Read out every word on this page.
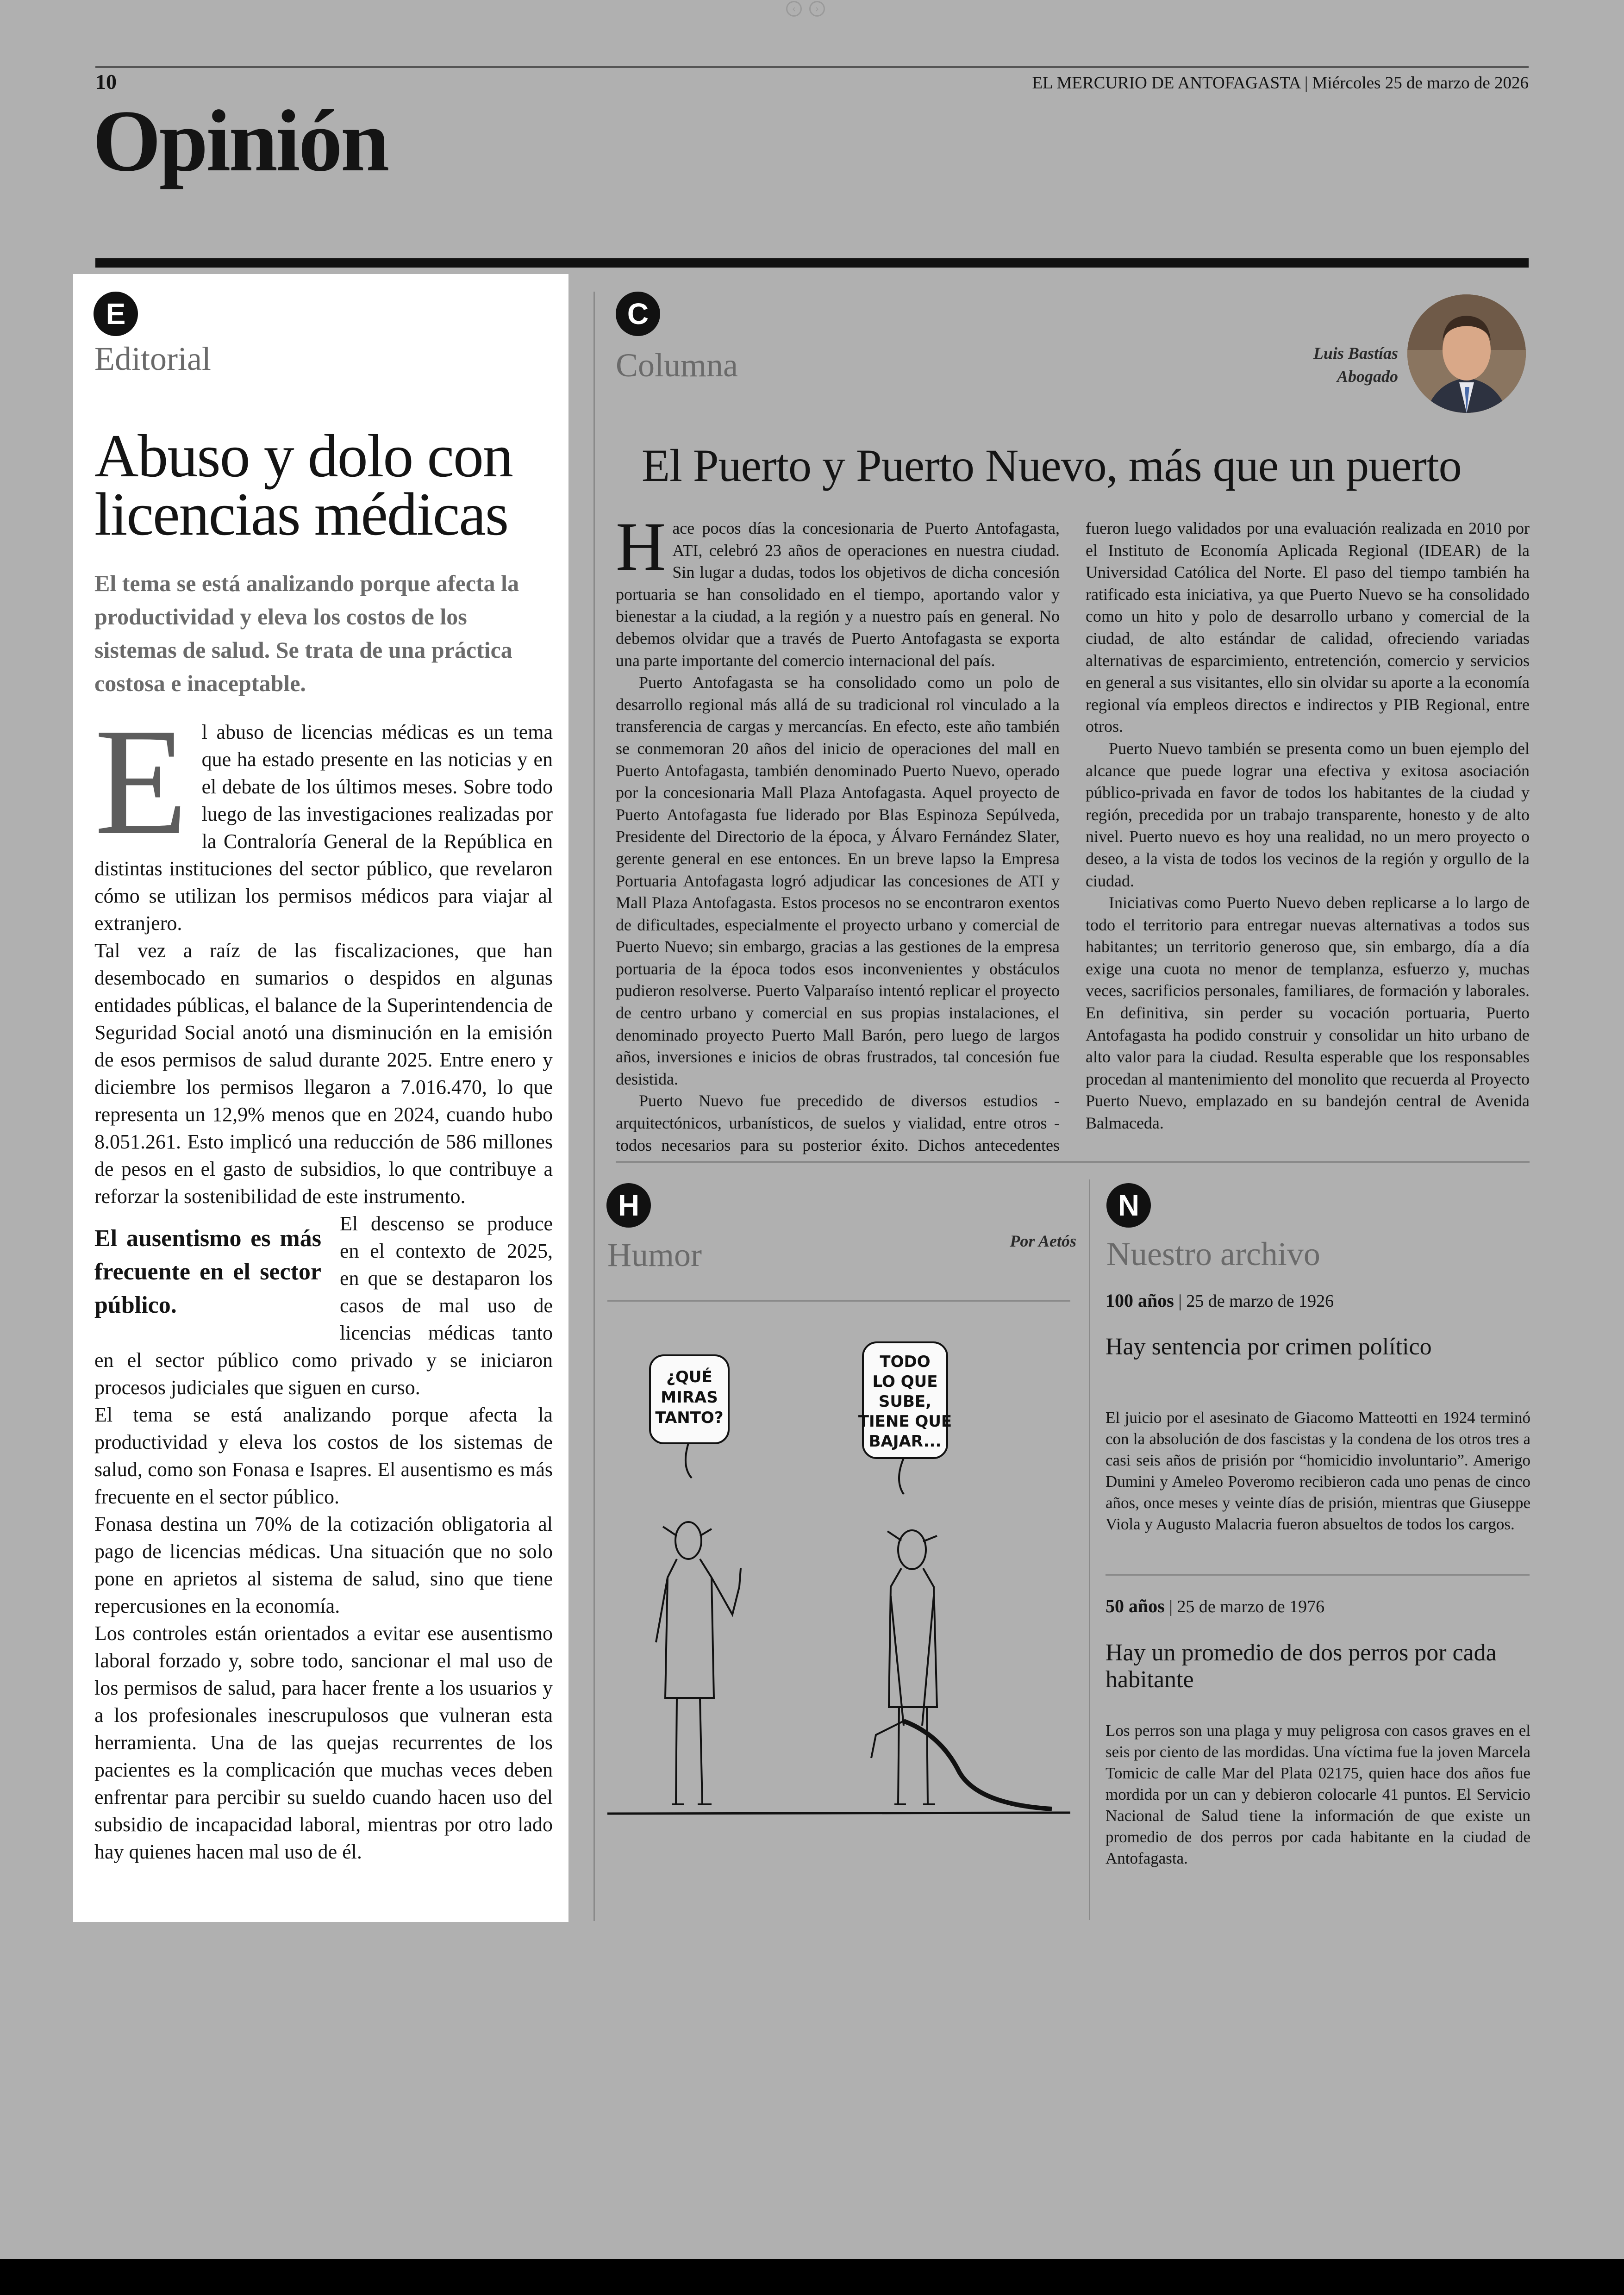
‹ ›
10	EL MERCURIO DE ANTOFAGASTA | Miércoles 25 de marzo de 2026
Opinión
E
Editorial
Abuso y dolo con licencias médicas
El tema se está analizando porque afecta la productividad y eleva los costos de los sistemas de salud. Se trata de una práctica costosa e inaceptable.

El abuso de licencias médicas es un tema que ha estado presente en las noticias y en el debate de los últimos meses. Sobre todo luego de las investigaciones realizadas por la Contraloría General de la República en distintas instituciones del sector público, que revelaron cómo se utilizan los permisos médicos para viajar al extranjero.

Tal vez a raíz de las fiscalizaciones, que han desembocado en sumarios o despidos en algunas entidades públicas, el balance de la Superintendencia de Seguridad Social anotó una disminución en la emisión de esos permisos de salud durante 2025. Entre enero y diciembre los permisos llegaron a 7.016.470, lo que representa un 12,9% menos que en 2024, cuando hubo 8.051.261. Esto implicó una reducción de 586 millones de pesos en el gasto de subsidios, lo que contribuye a reforzar la sostenibilidad de este instrumento.

El ausentismo es más frecuente en el sector público.

El descenso se produce en el contexto de 2025, en que se destaparon los casos de mal uso de licencias médicas tanto en el sector público como privado y se iniciaron procesos judiciales que siguen en curso.

El tema se está analizando porque afecta la productividad y eleva los costos de los sistemas de salud, como son Fonasa e Isapres. El ausentismo es más frecuente en el sector público.

Fonasa destina un 70% de la cotización obligatoria al pago de licencias médicas. Una situación que no solo pone en aprietos al sistema de salud, sino que tiene repercusiones en la economía.

Los controles están orientados a evitar ese ausentismo laboral forzado y, sobre todo, sancionar el mal uso de los permisos de salud, para hacer frente a los usuarios y a los profesionales inescrupulosos que vulneran esta herramienta. Una de las quejas recurrentes de los pacientes es la complicación que muchas veces deben enfrentar para percibir su sueldo cuando hacen uso del subsidio de incapacidad laboral, mientras por otro lado hay quienes hacen mal uso de él.

C
Columna	Luis Bastías
Abogado
El Puerto y Puerto Nuevo, más que un puerto

Hace pocos días la concesionaria de Puerto Antofagasta, ATI, celebró 23 años de operaciones en nuestra ciudad. Sin lugar a dudas, todos los objetivos de dicha concesión portuaria se han consolidado en el tiempo, aportando valor y bienestar a la ciudad, a la región y a nuestro país en general. No debemos olvidar que a través de Puerto Antofagasta se exporta una parte importante del comercio internacional del país.

Puerto Antofagasta se ha consolidado como un polo de desarrollo regional más allá de su tradicional rol vinculado a la transferencia de cargas y mercancías. En efecto, este año también se conmemoran 20 años del inicio de operaciones del mall en Puerto Antofagasta, también denominado Puerto Nuevo, operado por la concesionaria Mall Plaza Antofagasta. Aquel proyecto de Puerto Antofagasta fue liderado por Blas Espinoza Sepúlveda, Presidente del Directorio de la época, y Álvaro Fernández Slater, gerente general en ese entonces. En un breve lapso la Empresa Portuaria Antofagasta logró adjudicar las concesiones de ATI y Mall Plaza Antofagasta. Estos procesos no se encontraron exentos de dificultades, especialmente el proyecto urbano y comercial de Puerto Nuevo; sin embargo, gracias a las gestiones de la empresa portuaria de la época todos esos inconvenientes y obstáculos pudieron resolverse. Puerto Valparaíso intentó replicar el proyecto de centro urbano y comercial en sus propias instalaciones, el denominado proyecto Puerto Mall Barón, pero luego de largos años, inversiones e inicios de obras frustrados, tal concesión fue desistida.

Puerto Nuevo fue precedido de diversos estudios - arquitectónicos, urbanísticos, de suelos y vialidad, entre otros - todos necesarios para su posterior éxito. Dichos antecedentes fueron luego validados por una evaluación realizada en 2010 por el Instituto de Economía Aplicada Regional (IDEAR) de la Universidad Católica del Norte. El paso del tiempo también ha ratificado esta iniciativa, ya que Puerto Nuevo se ha consolidado como un hito y polo de desarrollo urbano y comercial de la ciudad, de alto estándar de calidad, ofreciendo variadas alternativas de esparcimiento, entretención, comercio y servicios en general a sus visitantes, ello sin olvidar su aporte a la economía regional vía empleos directos e indirectos y PIB Regional, entre otros.

Puerto Nuevo también se presenta como un buen ejemplo del alcance que puede lograr una efectiva y exitosa asociación público-privada en favor de todos los habitantes de la ciudad y región, precedida por un trabajo transparente, honesto y de alto nivel. Puerto nuevo es hoy una realidad, no un mero proyecto o deseo, a la vista de todos los vecinos de la región y orgullo de la ciudad.

Iniciativas como Puerto Nuevo deben replicarse a lo largo de todo el territorio para entregar nuevas alternativas a todos sus habitantes; un territorio generoso que, sin embargo, día a día exige una cuota no menor de templanza, esfuerzo y, muchas veces, sacrificios personales, familiares, de formación y laborales. En definitiva, sin perder su vocación portuaria, Puerto Antofagasta ha podido construir y consolidar un hito urbano de alto valor para la ciudad. Resulta esperable que los responsables procedan al mantenimiento del monolito que recuerda al Proyecto Puerto Nuevo, emplazado en su bandejón central de Avenida Balmaceda.

H
Humor	Por Aetós
¿QUÉ
MIRAS
TANTO?
TODO
LO QUE
SUBE,
TIENE QUE
BAJAR...
N
Nuestro archivo
100 años | 25 de marzo de 1926
Hay sentencia por crimen político
El juicio por el asesinato de Giacomo Matteotti en 1924 terminó con la absolución de dos fascistas y la condena de los otros tres a casi seis años de prisión por “homicidio involuntario”. Amerigo Dumini y Ameleo Poveromo recibieron cada uno penas de cinco años, once meses y veinte días de prisión, mientras que Giuseppe Viola y Augusto Malacria fueron absueltos de todos los cargos.
50 años | 25 de marzo de 1976
Hay un promedio de dos perros por cada habitante
Los perros son una plaga y muy peligrosa con casos graves en el seis por ciento de las mordidas. Una víctima fue la joven Marcela Tomicic de calle Mar del Plata 02175, quien hace dos años fue mordida por un can y debieron colocarle 41 puntos. El Servicio Nacional de Salud tiene la información de que existe un promedio de dos perros por cada habitante en la ciudad de Antofagasta.
